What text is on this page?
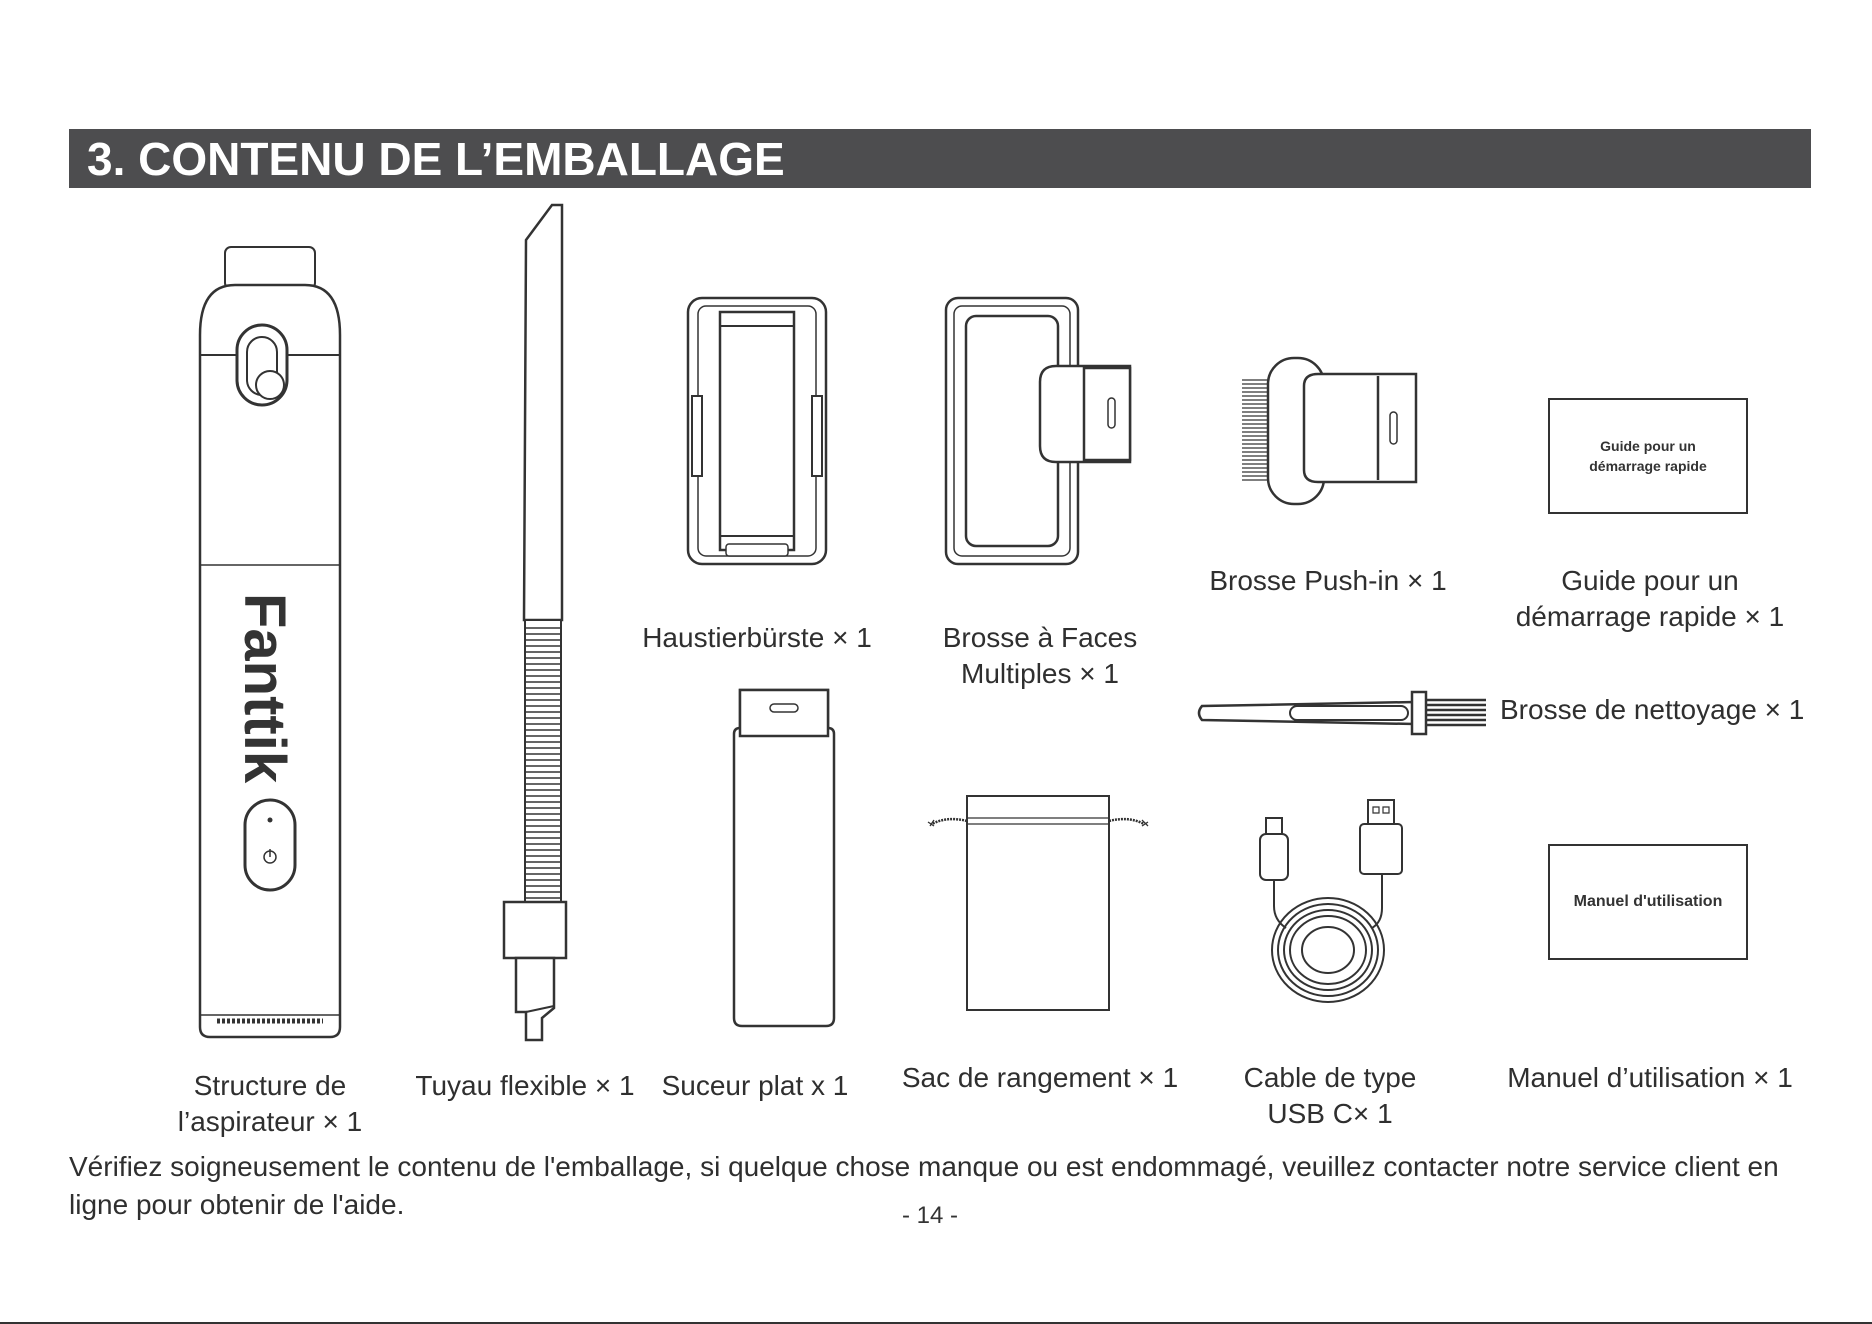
3. CONTENU DE L’EMBALLAGE
Fanttik
Guide pour un
démarrage rapide
Manuel d'utilisation
Haustierbürste × 1	Brosse à Faces
Multiples × 1
Brosse Push-in × 1	Guide pour un
démarrage rapide × 1
Brosse de nettoyage × 1
Structure de
l’aspirateur × 1
Tuyau flexible × 1 Suceur plat x 1	Sac de rangement × 1	Cable de type
USB C× 1
Manuel d’utilisation × 1
Vérifiez soigneusement le contenu de l'emballage, si quelque chose manque ou est endommagé, veuillez contacter notre service client en ligne pour obtenir de l'aide.	- 14 -
